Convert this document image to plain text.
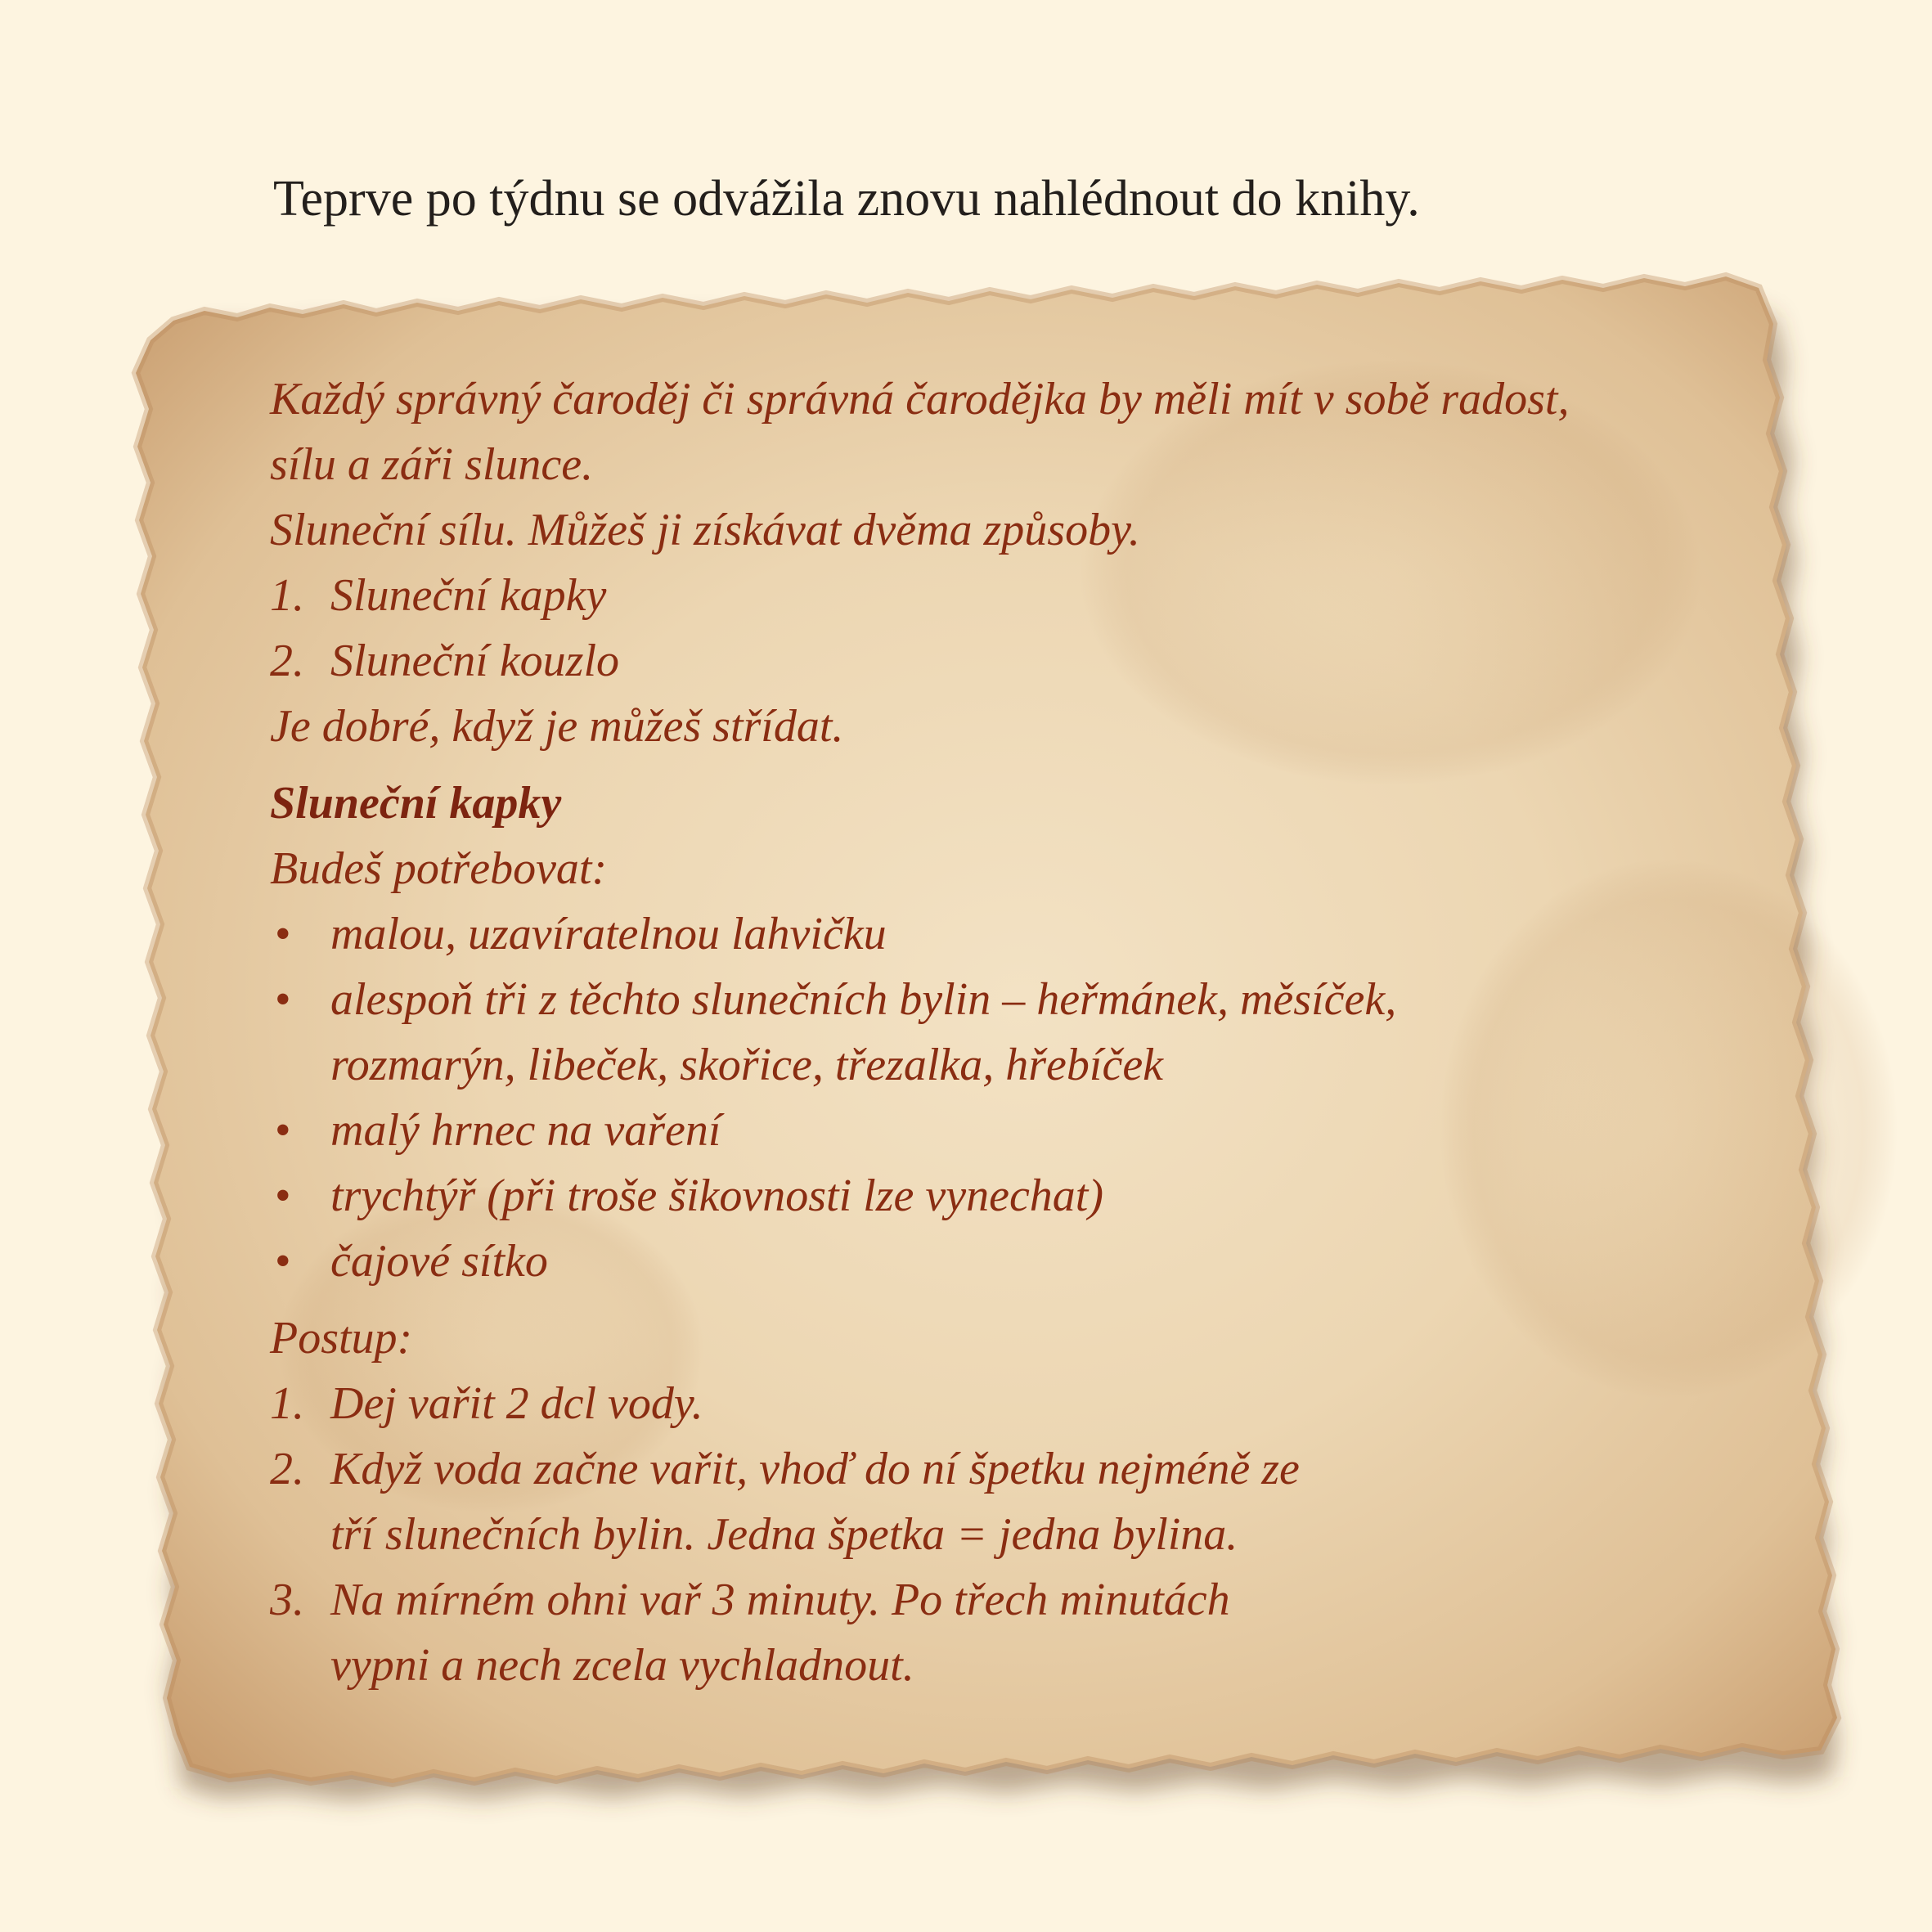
Teprve po týdnu se odvážila znovu nahlédnout do knihy.
Každý správný čaroděj či správná čarodějka by měli mít v sobě radost,
sílu a záři slunce.
Sluneční sílu. Můžeš ji získávat dvěma způsoby.
1. Sluneční kapky
2. Sluneční kouzlo
Je dobré, když je můžeš střídat.
Sluneční kapky
Budeš potřebovat:
• malou, uzavíratelnou lahvičku
• alespoň tři z těchto slunečních bylin – heřmánek, měsíček,
rozmarýn, libeček, skořice, třezalka, hřebíček
• malý hrnec na vaření
• trychtýř (při troše šikovnosti lze vynechat)
• čajové sítko
Postup:
1. Dej vařit 2 dcl vody.
2. Když voda začne vařit, vhoď do ní špetku nejméně ze
tří slunečních bylin. Jedna špetka = jedna bylina.
3. Na mírném ohni vař 3 minuty. Po třech minutách
vypni a nech zcela vychladnout.
